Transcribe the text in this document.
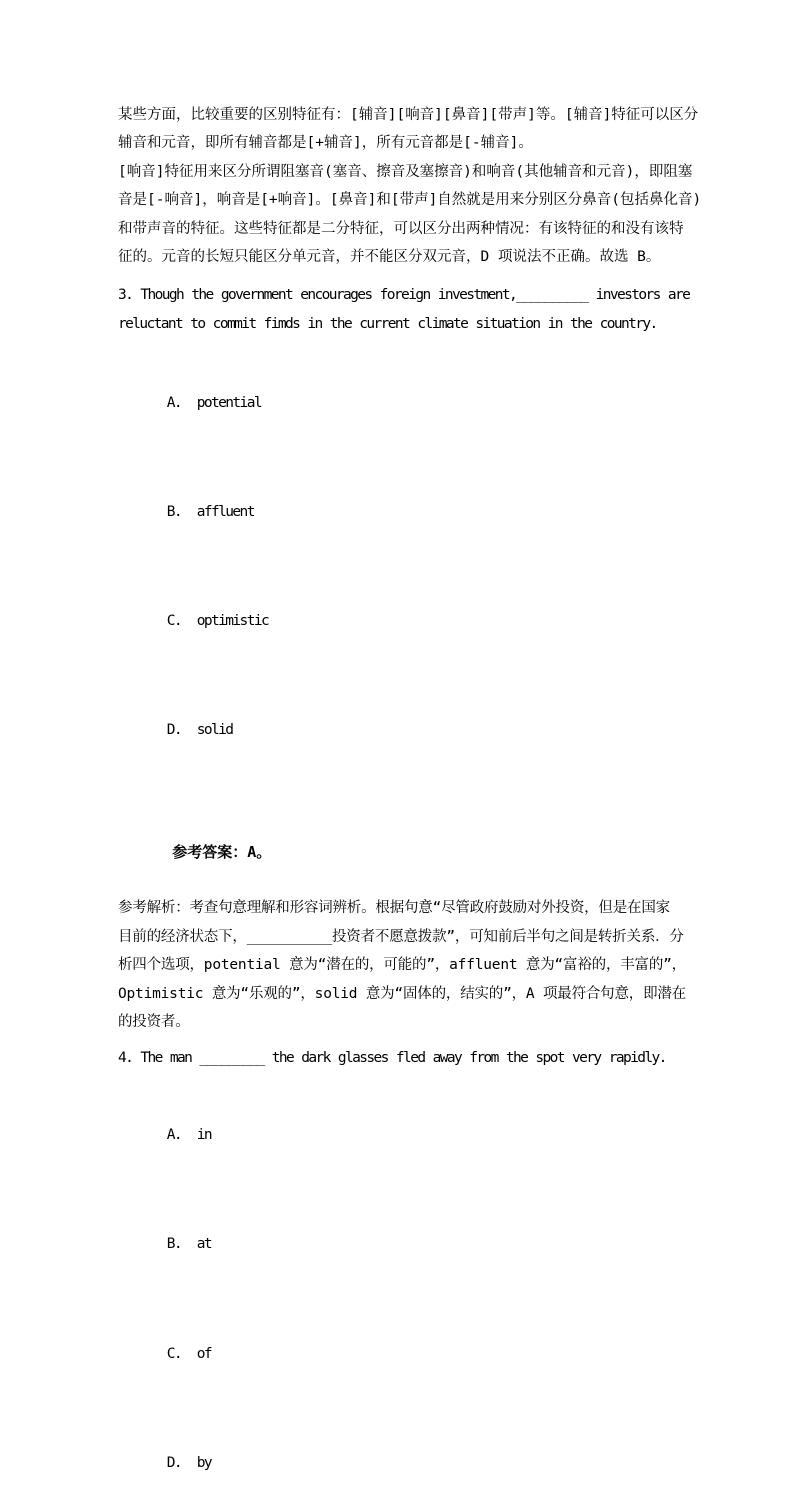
某些方面，比较重要的区别特征有：[辅音][响音][鼻音][带声]等。[辅音]特征可以区分
辅音和元音，即所有辅音都是[+辅音]，所有元音都是[-辅音]。
[响音]特征用来区分所谓阻塞音(塞音、擦音及塞擦音)和响音(其他辅音和元音)，即阻塞
音是[-响音]，响音是[+响音]。[鼻音]和[带声]自然就是用来分别区分鼻音(包括鼻化音)
和带声音的特征。这些特征都是二分特征，可以区分出两种情况：有该特征的和没有该特
征的。元音的长短只能区分单元音，并不能区分双元音，D 项说法不正确。故选 B。
3. Though the government encourages foreign investment,__________ investors are
reluctant to commit fimds in the current climate situation in the country.

A. potential

B. affluent

C. optimistic

D. solid

参考答案：A。

参考解析：考查句意理解和形容词辨析。根据句意“尽管政府鼓励对外投资，但是在国家
目前的经济状态下，__________投资者不愿意拨款”，可知前后半句之间是转折关系．分
析四个选项，potential 意为“潜在的，可能的”，affluent 意为“富裕的，丰富的”，
Optimistic 意为“乐观的”，solid 意为“固体的，结实的”，A 项最符合句意，即潜在
的投资者。
4. The man _________ the dark glasses fled away from the spot very rapidly.

A. in

B. at

C. of

D. by
